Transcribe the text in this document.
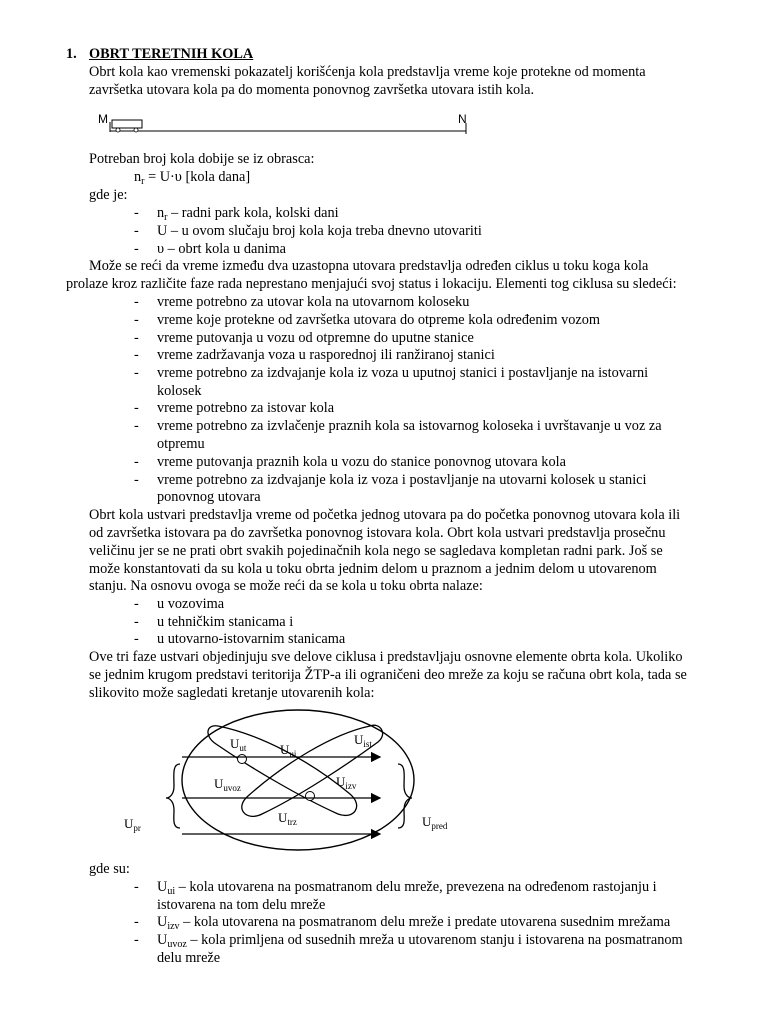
1. OBRT TERETNIH KOLA
Obrt kola kao vremenski pokazatelj korišćenja kola predstavlja vreme koje protekne od momenta
završetka utovara kola pa do momenta ponovnog završetka utovara istih kola.
M	N
Potreban broj kola dobije se iz obrasca:
$n_r = U\cdot\upsilon$ [kola dana]
gde je:
-	$n_r$ – radni park kola, kolski dani
-	U – u ovom slučaju broj kola koja treba dnevno utovariti
-	υ – obrt kola u danima
Može se reći da vreme između dva uzastopna utovara predstavlja određen ciklus u toku koga kola
prolaze kroz različite faze rada neprestano menjajući svoj status i lokaciju. Elementi tog ciklusa su sledeći:
-	vreme potrebno za utovar kola na utovarnom koloseku
-	vreme koje protekne od završetka utovara do otpreme kola određenim vozom
-	vreme putovanja u vozu od otpremne do uputne stanice
-	vreme zadržavanja voza u rasporednoj ili ranžiranoj stanici
-	vreme potrebno za izdvajanje kola iz voza u uputnoj stanici i postavljanje na istovarni
kolosek
-	vreme potrebno za istovar kola
-	vreme potrebno za izvlačenje praznih kola sa istovarnog koloseka i uvrštavanje u voz za
otpremu
-	vreme putovanja praznih kola u vozu do stanice ponovnog utovara kola
-	vreme potrebno za izdvajanje kola iz voza i postavljanje na utovarni kolosek u stanici
ponovnog utovara
Obrt kola ustvari predstavlja vreme od početka jednog utovara pa do početka ponovnog utovara kola ili
od završetka istovara pa do završetka ponovnog istovara kola. Obrt kola ustvari predstavlja prosečnu
veličinu jer se ne prati obrt svakih pojedinačnih kola nego se sagledava kompletan radni park. Još se
može konstantovati da su kola u toku obrta jednim delom u praznom a jednim delom u utovarenom
stanju. Na osnovu ovoga se može reći da se kola u toku obrta nalaze:
-	u vozovima
-	u tehničkim stanicama i
-	u utovarno-istovarnim stanicama
Ove tri faze ustvari objedinjuju sve delove ciklusa i predstavljaju osnovne elemente obrta kola. Ukoliko
se jednim krugom predstavi teritorija ŽTP-a ili ograničeni deo mreže za koju se računa obrt kola, tada se
slikovito može sagledati kretanje utovarenih kola:
$U_{ut}$	$U_{ui}$
$U_{ist}$
$U_{uvoz}$	$U_{izv}$
$U_{trz}$
$U_{pr}$	$U_{pred}$
gde su:
-	$U_{ui}$ – kola utovarena na posmatranom delu mreže, prevezena na određenom rastojanju i
istovarena na tom delu mreže
-	$U_{izv}$ – kola utovarena na posmatranom delu mreže i predate utovarena susednim mrežama
-	$U_{uvoz}$ – kola primljena od susednih mreža u utovarenom stanju i istovarena na posmatranom
delu mreže
